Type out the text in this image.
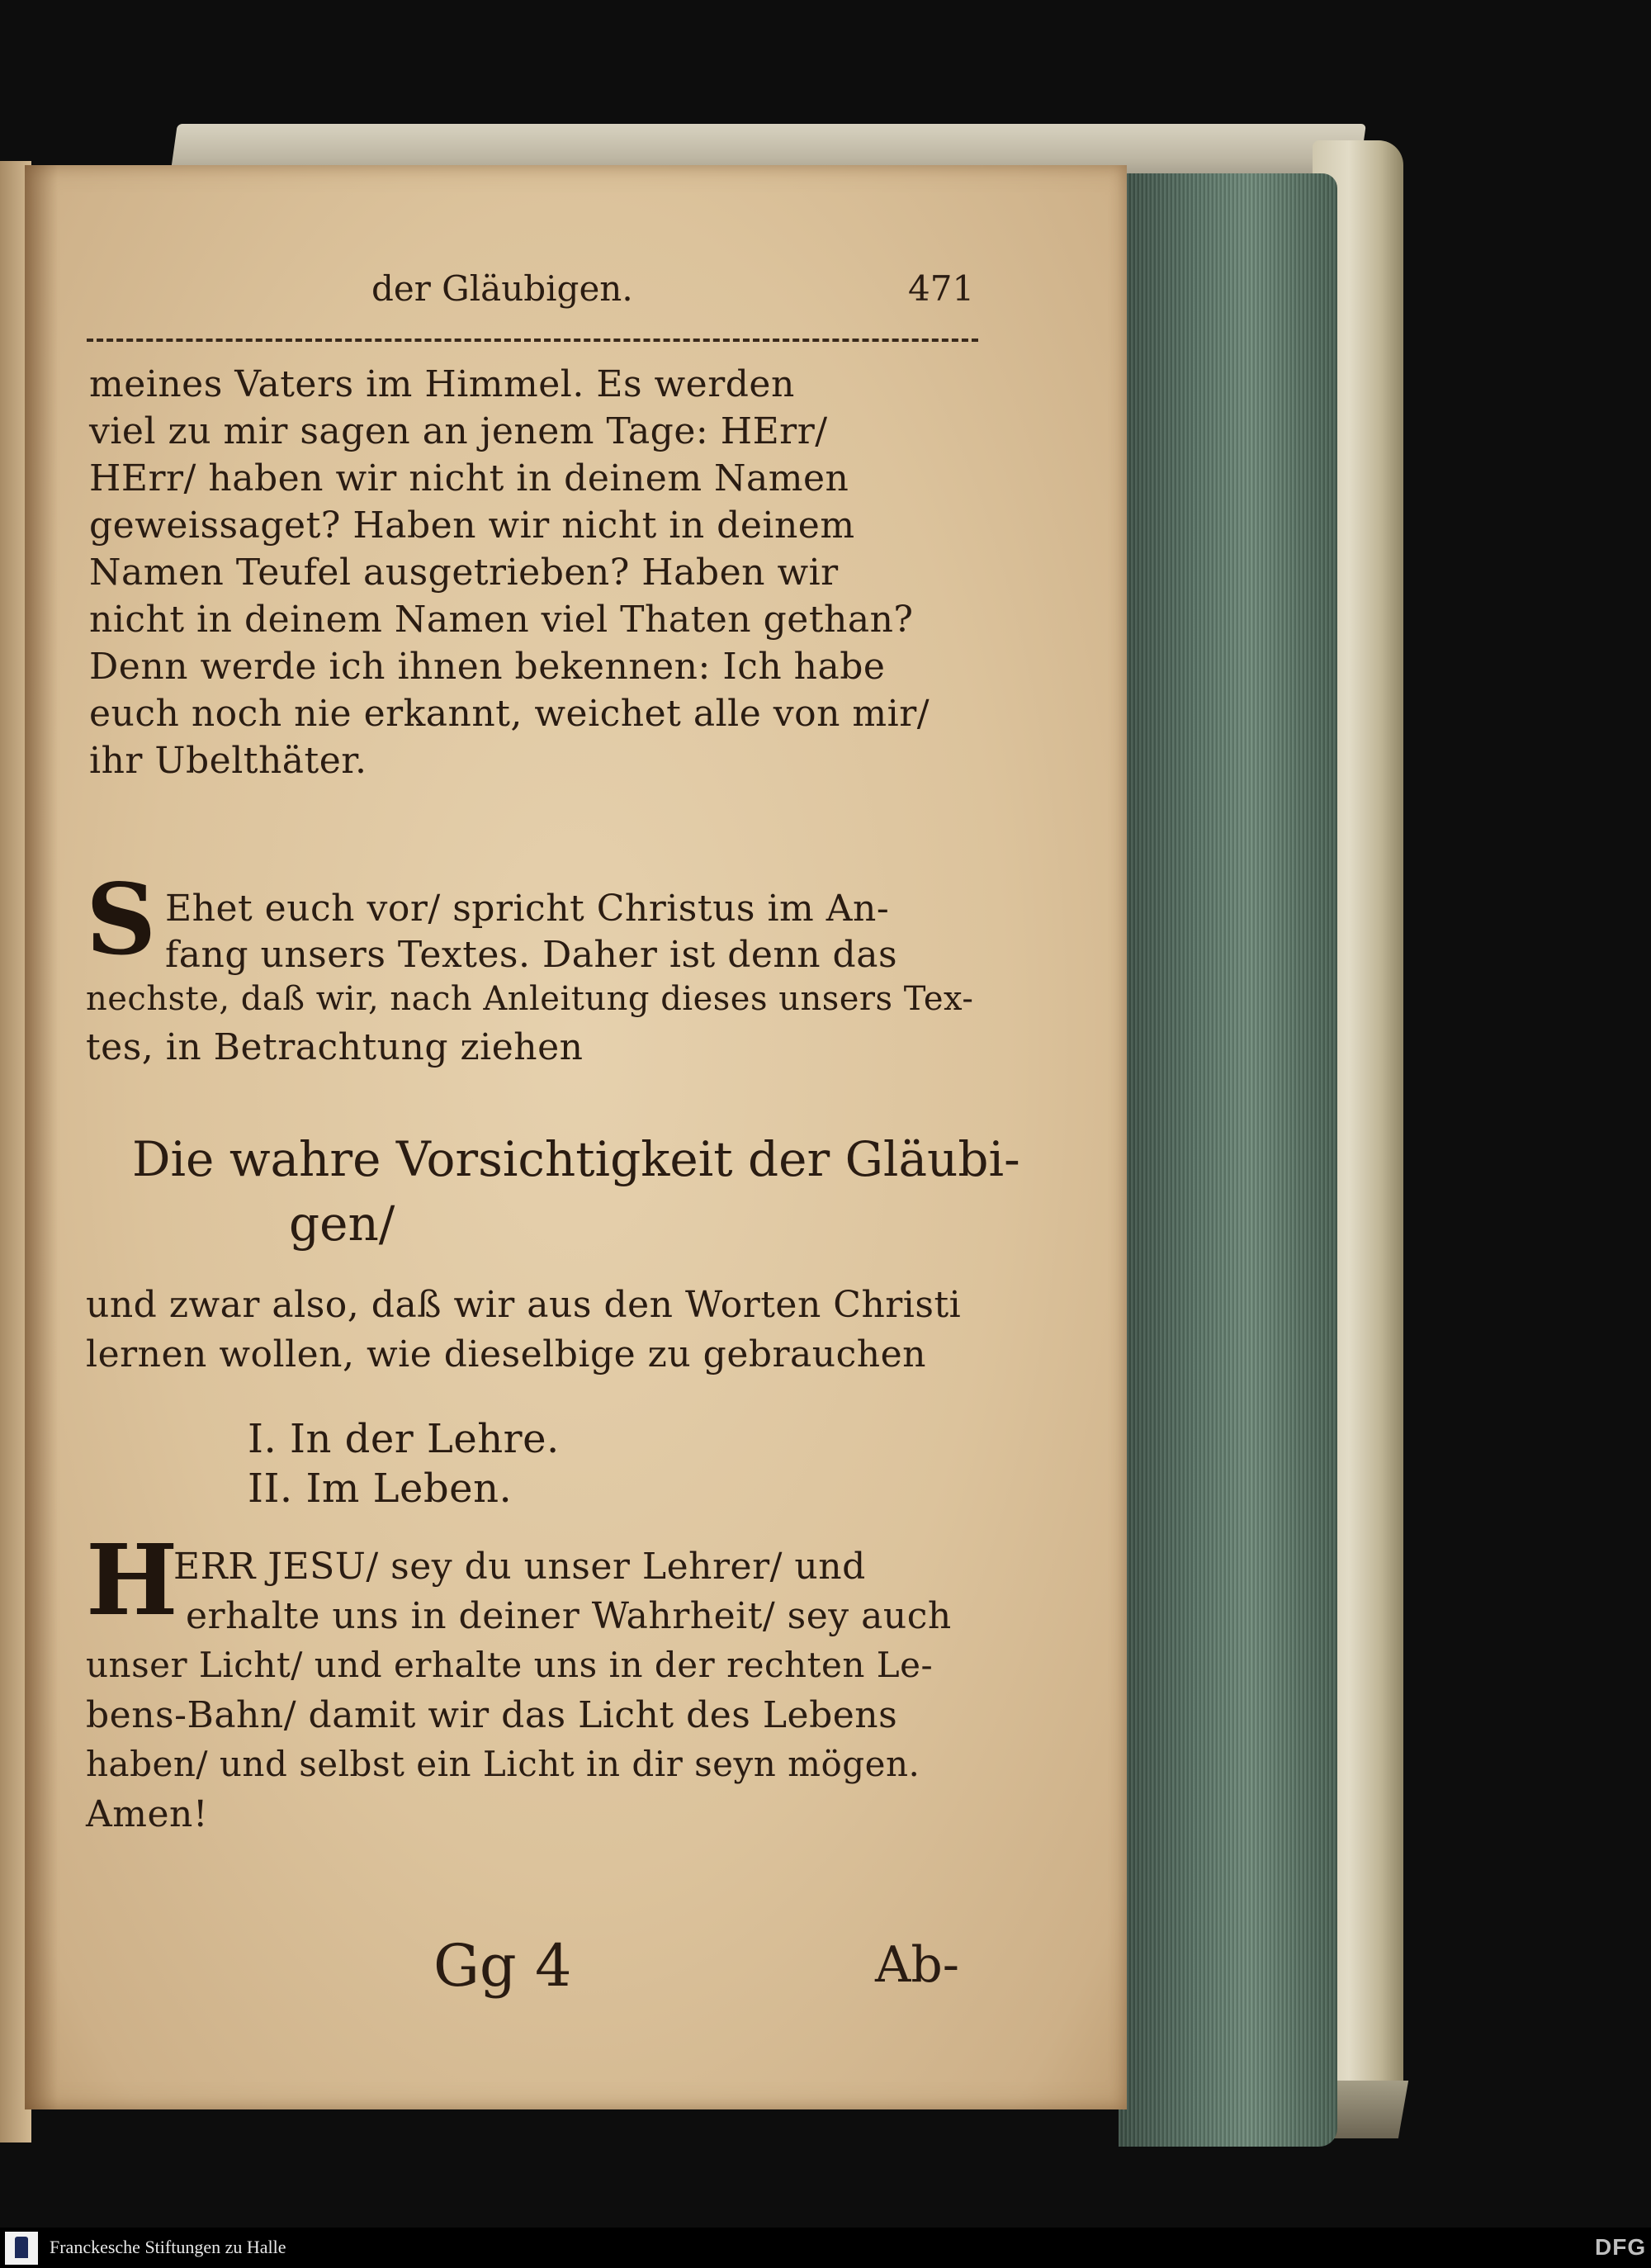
der Gläubigen.	471
meines Vaters im Himmel. Es werden
viel zu mir sagen an jenem Tage: HErr/
HErr/ haben wir nicht in deinem Namen
geweissaget? Haben wir nicht in deinem
Namen Teufel ausgetrieben? Haben wir
nicht in deinem Namen viel Thaten gethan?
Denn werde ich ihnen bekennen: Ich habe
euch noch nie erkannt, weichet alle von mir/
ihr Ubelthäter.
S Ehet euch vor/ spricht Christus im An-
fang unsers Textes. Daher ist denn das
nechste, daß wir, nach Anleitung dieses unsers Tex-
tes, in Betrachtung ziehen
Die wahre Vorsichtigkeit der Gläubi-
gen/
und zwar also, daß wir aus den Worten Christi
lernen wollen, wie dieselbige zu gebrauchen
I. In der Lehre.
II. Im Leben.
H
ERR JESU/ sey du unser Lehrer/ und
erhalte uns in deiner Wahrheit/ sey auch
unser Licht/ und erhalte uns in der rechten Le-
bens-Bahn/ damit wir das Licht des Lebens
haben/ und selbst ein Licht in dir seyn mögen.
Amen!
Gg 4	Ab-
Franckesche Stiftungen zu Halle	DFG
